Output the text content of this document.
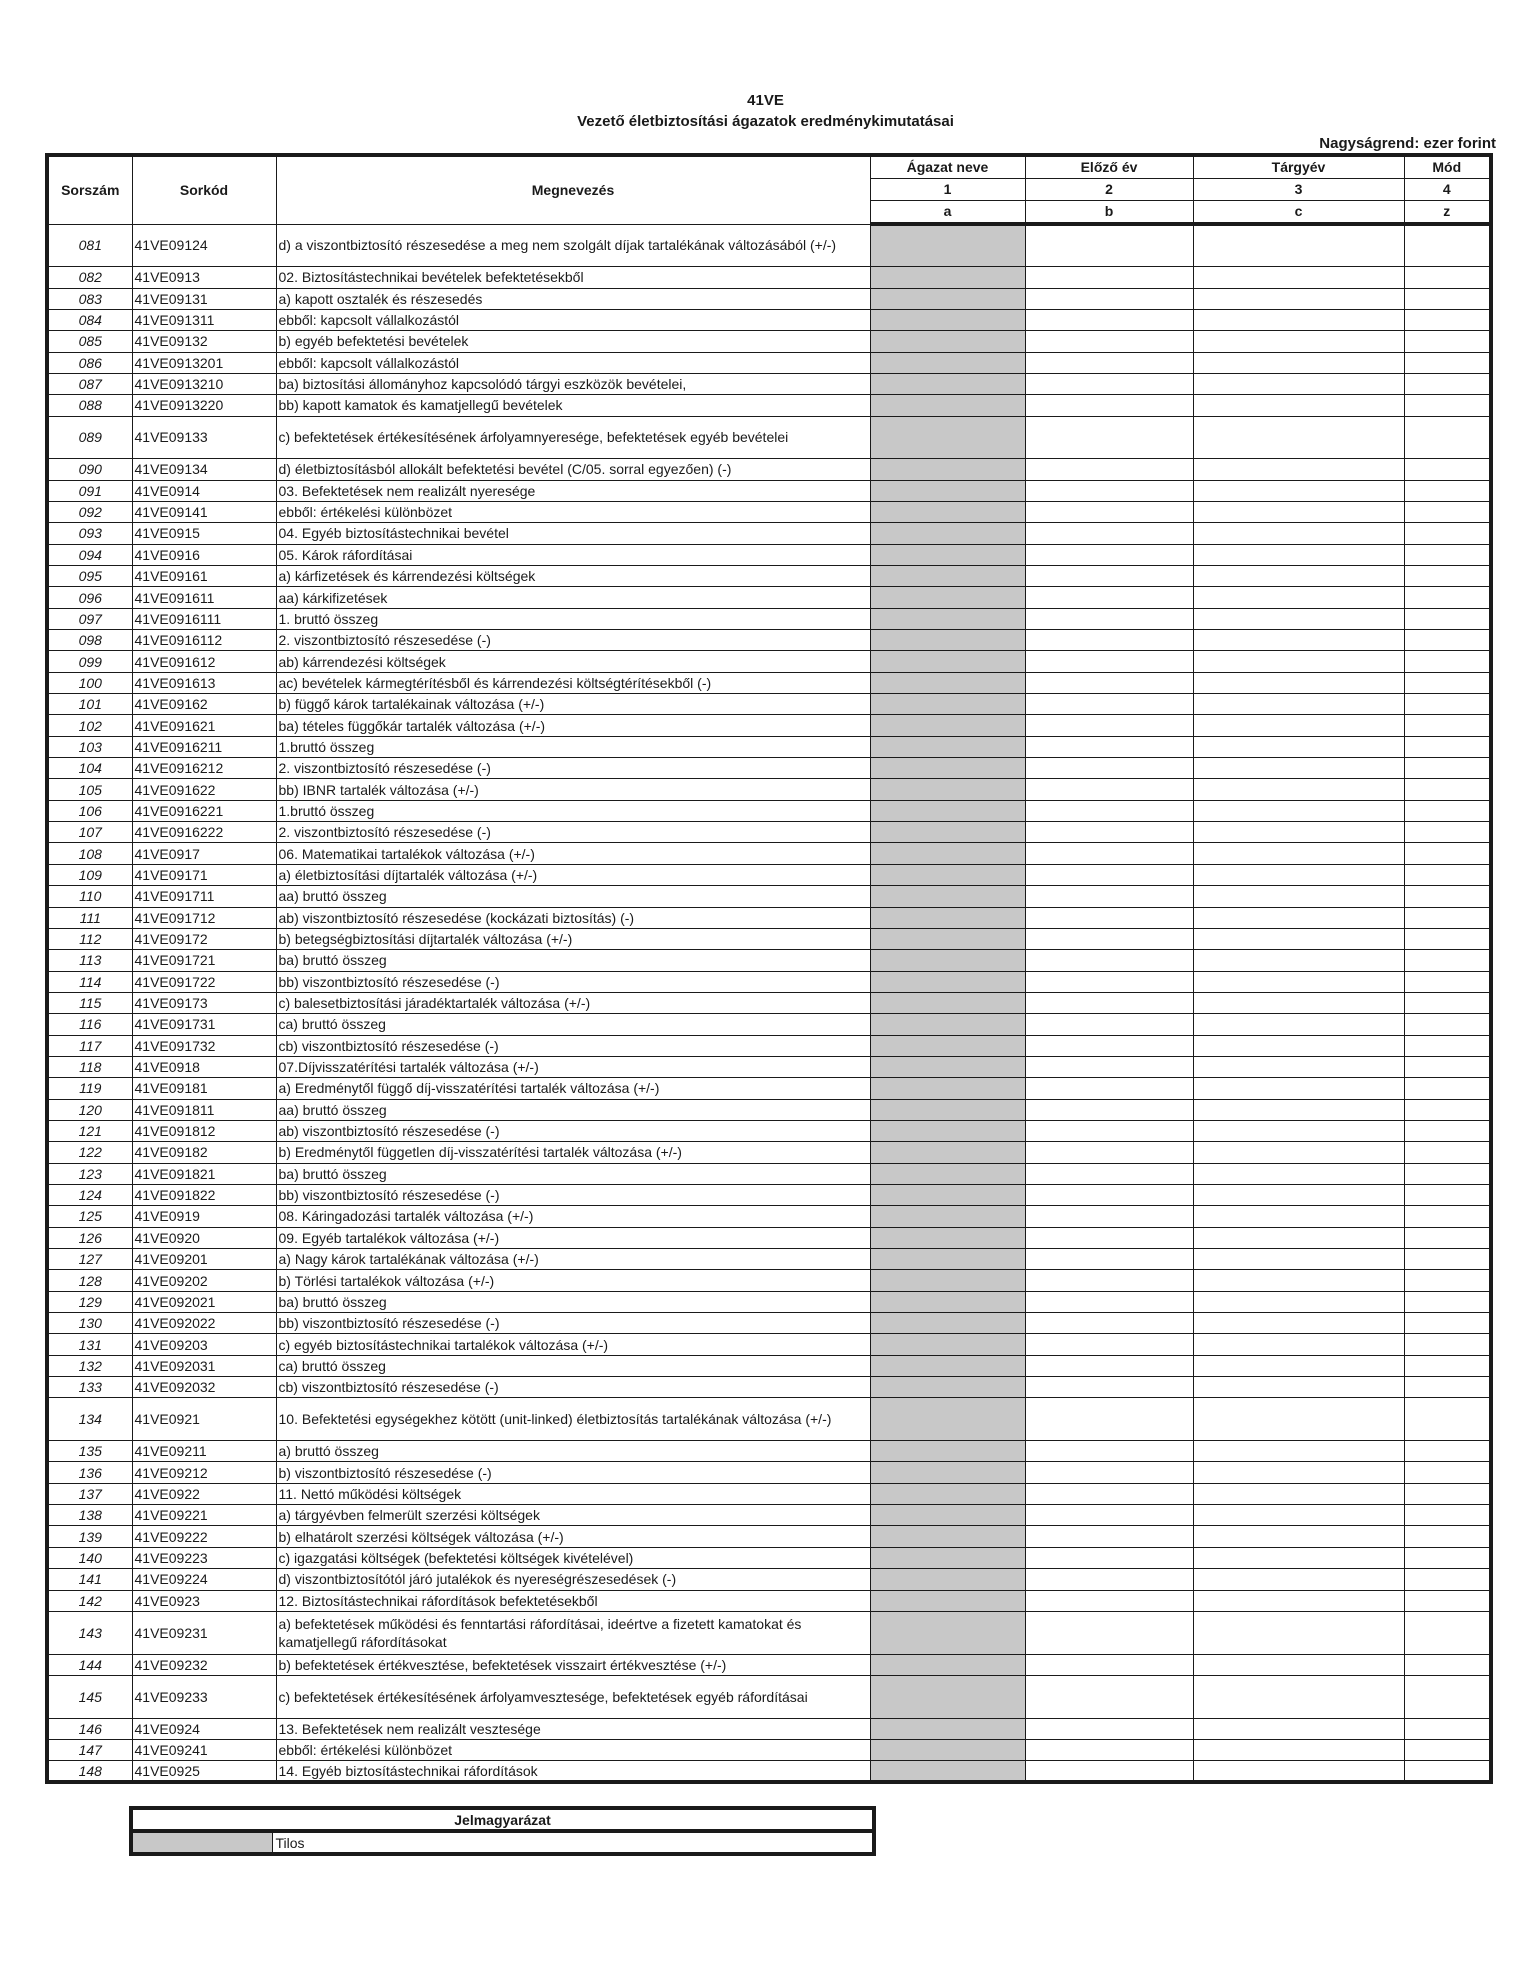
41VE
Vezető életbiztosítási ágazatok eredménykimutatásai
Nagyságrend: ezer forint
Sorszám	Sorkód	Megnevezés	Ágazat neve	Előző év	Tárgyév	Mód
			1	2	3	4
			a	b	c	z
081	41VE09124	d) a viszontbiztosító részesedése a meg nem szolgált díjak tartalékának változásából (+/-)				
082	41VE0913	02. Biztosítástechnikai bevételek befektetésekből				
083	41VE09131	a) kapott osztalék és részesedés				
084	41VE091311	ebből: kapcsolt vállalkozástól				
085	41VE09132	b) egyéb befektetési bevételek				
086	41VE0913201	ebből: kapcsolt vállalkozástól				
087	41VE0913210	ba) biztosítási állományhoz kapcsolódó tárgyi eszközök bevételei,				
088	41VE0913220	bb) kapott kamatok és kamatjellegű bevételek				
089	41VE09133	c) befektetések értékesítésének árfolyamnyeresége, befektetések egyéb bevételei				
090	41VE09134	d) életbiztosításból allokált befektetési bevétel (C/05. sorral egyezően) (-)				
091	41VE0914	03. Befektetések nem realizált nyeresége				
092	41VE09141	ebből: értékelési különbözet				
093	41VE0915	04. Egyéb biztosítástechnikai bevétel				
094	41VE0916	05. Károk ráfordításai				
095	41VE09161	a) kárfizetések és kárrendezési költségek				
096	41VE091611	aa) kárkifizetések				
097	41VE0916111	1. bruttó összeg				
098	41VE0916112	2. viszontbiztosító részesedése (-)				
099	41VE091612	ab) kárrendezési költségek				
100	41VE091613	ac) bevételek kármegtérítésből és kárrendezési költségtérítésekből (-)				
101	41VE09162	b) függő károk tartalékainak változása (+/-)				
102	41VE091621	ba) tételes függőkár tartalék változása (+/-)				
103	41VE0916211	1.bruttó összeg				
104	41VE0916212	2. viszontbiztosító részesedése (-)				
105	41VE091622	bb) IBNR tartalék változása (+/-)				
106	41VE0916221	1.bruttó összeg				
107	41VE0916222	2. viszontbiztosító részesedése (-)				
108	41VE0917	06. Matematikai tartalékok változása (+/-)				
109	41VE09171	a) életbiztosítási díjtartalék változása (+/-)				
110	41VE091711	aa) bruttó összeg				
111	41VE091712	ab) viszontbiztosító részesedése (kockázati biztosítás) (-)				
112	41VE09172	b) betegségbiztosítási díjtartalék változása (+/-)				
113	41VE091721	ba) bruttó összeg				
114	41VE091722	bb) viszontbiztosító részesedése (-)				
115	41VE09173	c) balesetbiztosítási járadéktartalék változása (+/-)				
116	41VE091731	ca) bruttó összeg				
117	41VE091732	cb) viszontbiztosító részesedése (-)				
118	41VE0918	07.Díjvisszatérítési tartalék változása (+/-)				
119	41VE09181	a) Eredménytől függő díj-visszatérítési tartalék változása (+/-)				
120	41VE091811	aa) bruttó összeg				
121	41VE091812	ab) viszontbiztosító részesedése (-)				
122	41VE09182	b) Eredménytől független díj-visszatérítési tartalék változása (+/-)				
123	41VE091821	ba) bruttó összeg				
124	41VE091822	bb) viszontbiztosító részesedése (-)				
125	41VE0919	08. Káringadozási tartalék változása (+/-)				
126	41VE0920	09. Egyéb tartalékok változása (+/-)				
127	41VE09201	a) Nagy károk tartalékának változása (+/-)				
128	41VE09202	b) Törlési tartalékok változása (+/-)				
129	41VE092021	ba) bruttó összeg				
130	41VE092022	bb) viszontbiztosító részesedése (-)				
131	41VE09203	c) egyéb biztosítástechnikai tartalékok változása (+/-)				
132	41VE092031	ca) bruttó összeg				
133	41VE092032	cb) viszontbiztosító részesedése (-)				
134	41VE0921	10. Befektetési egységekhez kötött (unit-linked) életbiztosítás tartalékának változása (+/-)				
135	41VE09211	a) bruttó összeg				
136	41VE09212	b) viszontbiztosító részesedése (-)				
137	41VE0922	11. Nettó működési költségek				
138	41VE09221	a) tárgyévben felmerült szerzési költségek				
139	41VE09222	b) elhatárolt szerzési költségek változása (+/-)				
140	41VE09223	c) igazgatási költségek (befektetési költségek kivételével)				
141	41VE09224	d) viszontbiztosítótól járó jutalékok és nyereségrészesedések (-)				
142	41VE0923	12. Biztosítástechnikai ráfordítások befektetésekből				
143	41VE09231	a) befektetések működési és fenntartási ráfordításai, ideértve a fizetett kamatokat és kamatjellegű ráfordításokat				
144	41VE09232	b) befektetések értékvesztése, befektetések visszairt értékvesztése (+/-)				
145	41VE09233	c) befektetések értékesítésének árfolyamvesztesége, befektetések egyéb ráfordításai				
146	41VE0924	13. Befektetések nem realizált vesztesége				
147	41VE09241	ebből: értékelési különbözet				
148	41VE0925	14. Egyéb biztosítástechnikai ráfordítások				
Jelmagyarázat
	Tilos
